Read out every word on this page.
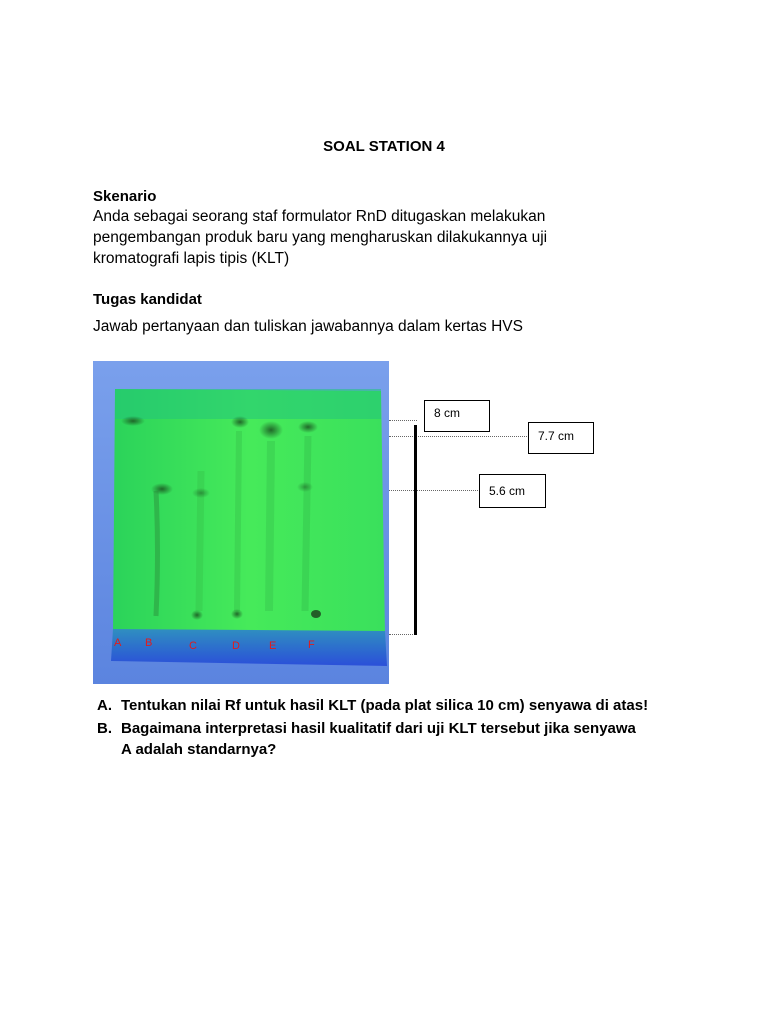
SOAL STATION 4
Skenario
Anda sebagai seorang staf formulator RnD ditugaskan melakukan
pengembangan produk baru yang mengharuskan dilakukannya uji
kromatografi lapis tipis (KLT)
Tugas kandidat
Jawab pertanyaan dan tuliskan jawabannya dalam kertas HVS
A B	C	D	E	F
8 cm
7.7 cm
5.6 cm
A. Tentukan nilai Rf untuk hasil KLT (pada plat silica 10 cm) senyawa di atas!
B. Bagaimana interpretasi hasil kualitatif dari uji KLT tersebut jika senyawa
A adalah standarnya?
